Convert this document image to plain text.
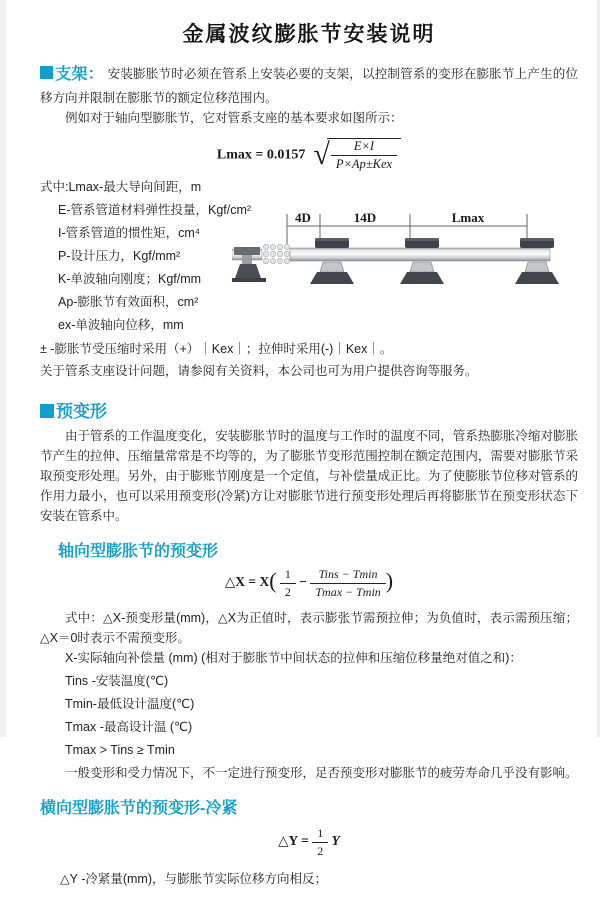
金属波纹膨胀节安装说明

支架： 安装膨胀节时必须在管系上安装必要的支架，以控制管系的变形在膨胀节上产生的位移方向并限制在膨胀节的额定位移范围内。

例如对于轴向型膨胀节，它对管系支座的基本要求如图所示：

Lmax = 0.0157 √ $\frac{E\times I}{\text{P×Ap±Kex}}$

式中:Lmax-最大导向间距，m

E-管系管道材料弹性投量，Kgf/cm²

I-管系管道的惯性矩，cm⁴

P-设计压力，Kgf/mm²

K-单波轴向刚度；Kgf/mm

Ap-膨胀节有效面积，cm²

ex-单波轴向位移，mm

4D	14D	Lmax

± -膨胀节受压缩时采用（+）｜Kex｜；拉伸时采用(-)｜Kex｜。

关于管系支座设计问题，请参阅有关资料，本公司也可为用户提供咨询等服务。

预变形

由于管系的工作温度变化，安装膨胀节时的温度与工作时的温度不同，管系热膨胀冷缩对膨胀节产生的拉伸、压缩量常常是不均等的，为了膨胀节变形范围控制在额定范围内，需要对膨胀节采取预变形处理。另外，由于膨账节刚度是一个定值，与补偿量成正比。为了使膨胀节位移对管系的作用力最小，也可以采用预变形(冷紧)方让对膨胀节进行预变形处理后再将膨胀节在预变形状态下安装在管系中。

轴向型膨胀节的预变形
△X = $X( \frac{1}{2} - \frac{\text{Tins − Tmin}}{Tmax - Tmin}$ )

式中：△X-预变形量(mm)，△X为正值时，表示膨张节需预拉伸；为负值时，表示需预压缩；△X＝0时表示不需预变形。

X-实际轴向补偿量 (mm) (相对于膨胀节中间状态的拉伸和压缩位移量绝对值之和)：

Tins -安装温度(℃)

Tmin-最低设计温度(℃)

Tmax -最高设计温 (℃)

Tmax > Tins ≥ Tmin

一般变形和受力情况下，不一定进行预变形，足否预变形对膨胀节的疲劳寿命几乎没有影响。

横向型膨胀节的预变形-冷紧
△Y = $\frac{1}{2}$ Y

△Y -冷紧量(mm)，与膨胀节实际位移方向相反；
